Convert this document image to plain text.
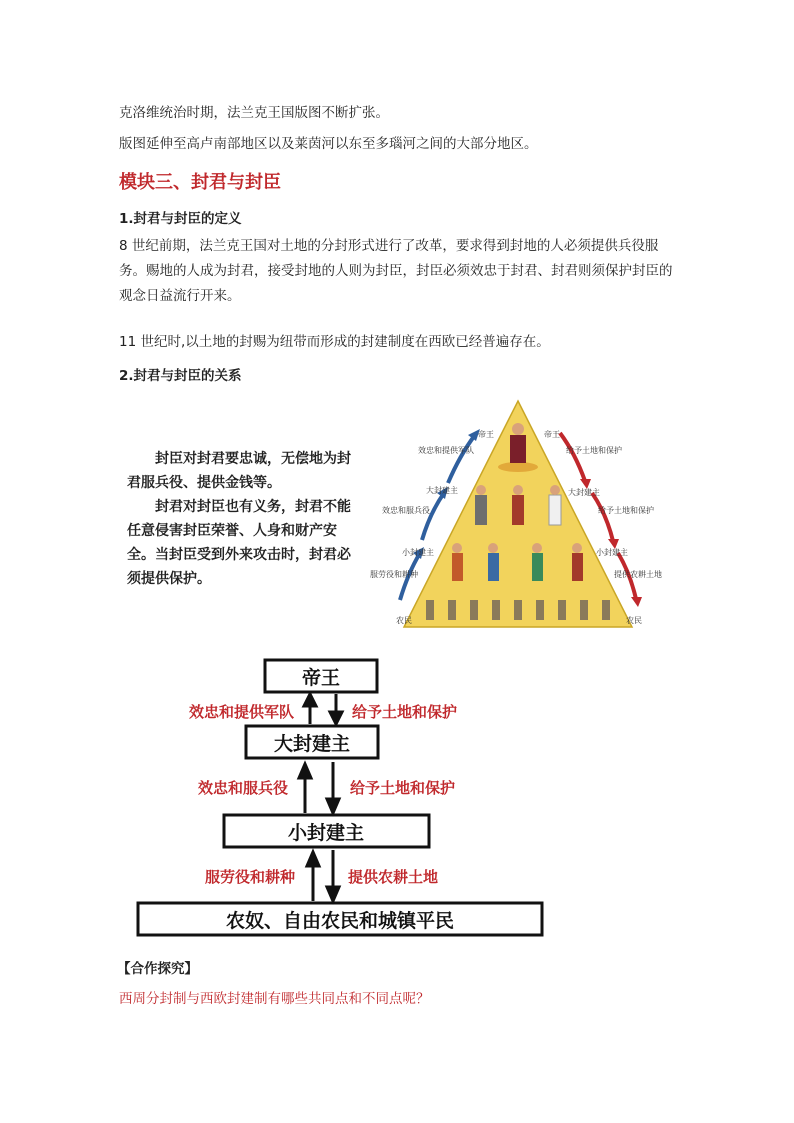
克洛维统治时期，法兰克王国版图不断扩张。

版图延伸至高卢南部地区以及莱茵河以东至多瑙河之间的大部分地区。

模块三、封君与封臣

1.封君与封臣的定义

8 世纪前期，法兰克王国对土地的分封形式进行了改革，要求得到封地的人必须提供兵役服务。赐地的人成为封君，接受封地的人则为封臣，封臣必须效忠于封君、封君则须保护封臣的观念日益流行开来。

11 世纪时,以土地的封赐为纽带而形成的封建制度在西欧已经普遍存在。

2.封君与封臣的关系

封臣对封君要忠诚，无偿地为封君服兵役、提供金钱等。

封君对封臣也有义务，封君不能任意侵害封臣荣誉、人身和财产安全。当封臣受到外来攻击时，封君必须提供保护。

帝王
大封建主
小封建主
农民
帝王
大封建主
小封建主
农民
效忠和提供军队
效忠和服兵役
服劳役和耕种
给予土地和保护
给予土地和保护
提供农耕土地
帝王
大封建主
小封建主
农奴、自由农民和城镇平民
效忠和提供军队	给予土地和保护
效忠和服兵役	给予土地和保护
服劳役和耕种	提供农耕土地

【合作探究】

西周分封制与西欧封建制有哪些共同点和不同点呢？
